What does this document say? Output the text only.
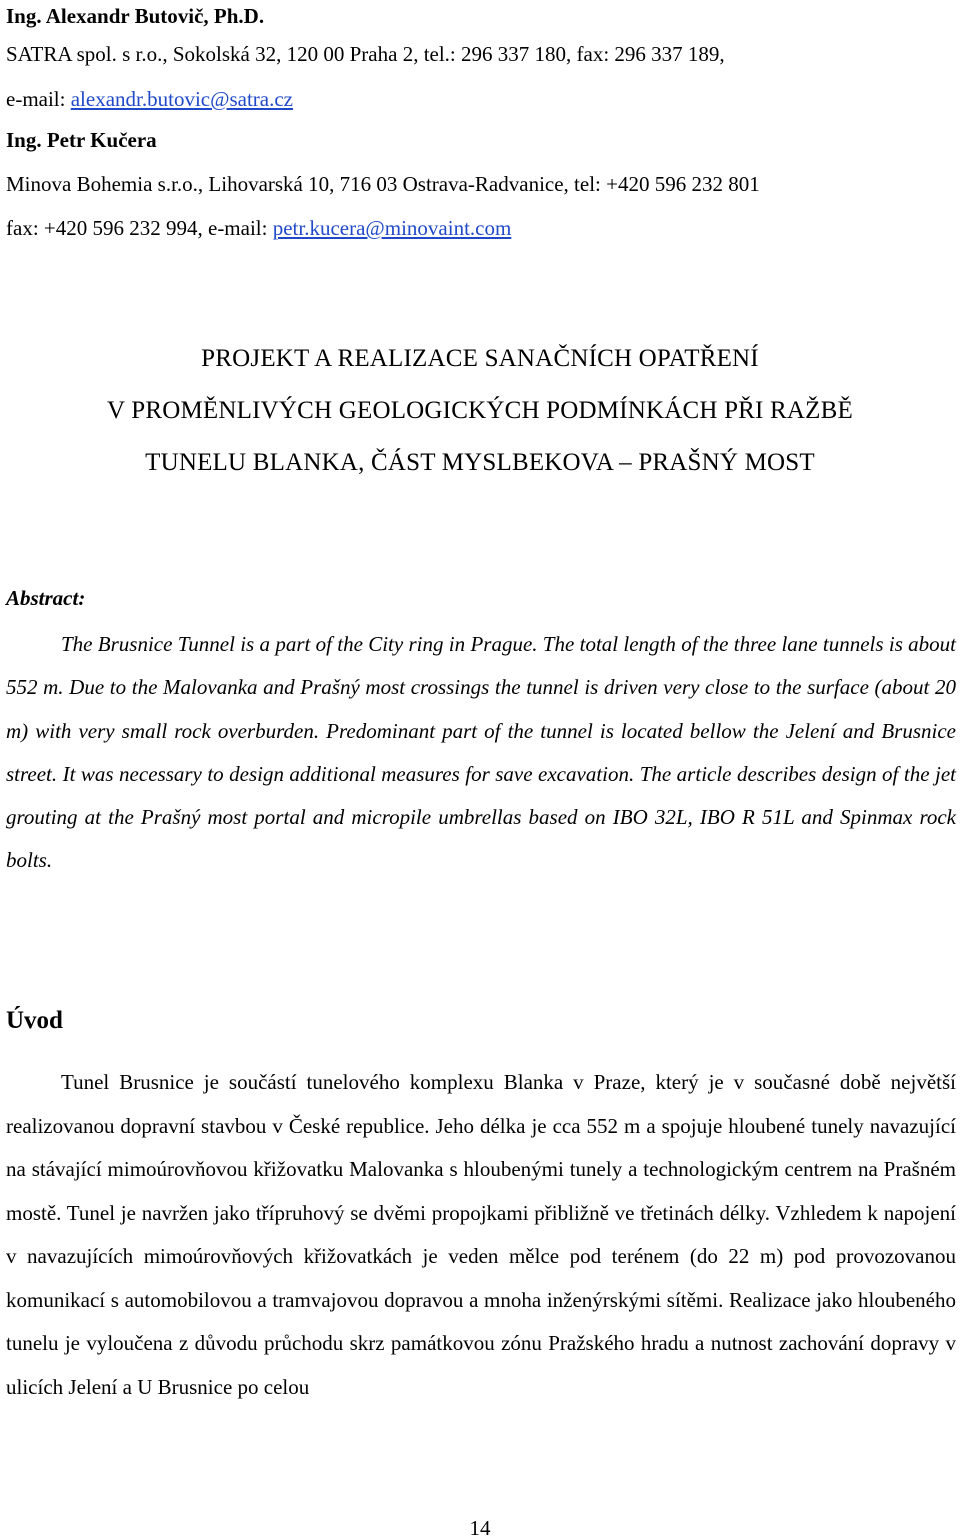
Ing. Alexandr Butovič, Ph.D.
SATRA spol. s r.o., Sokolská 32, 120 00 Praha 2, tel.: 296 337 180, fax: 296 337 189,
e-mail: alexandr.butovic@satra.cz
Ing. Petr Kučera
Minova Bohemia s.r.o., Lihovarská 10, 716 03 Ostrava-Radvanice, tel: +420 596 232 801
fax: +420 596 232 994, e-mail: petr.kucera@minovaint.com
PROJEKT A REALIZACE SANAČNÍCH OPATŘENÍ
V PROMĚNLIVÝCH GEOLOGICKÝCH PODMÍNKÁCH PŘI RAŽBĚ
TUNELU BLANKA, ČÁST MYSLBEKOVA – PRAŠNÝ MOST
Abstract:

The Brusnice Tunnel is a part of the City ring in Prague. The total length of the three lane tunnels is about 552 m. Due to the Malovanka and Prašný most crossings the tunnel is driven very close to the surface (about 20 m) with very small rock overburden. Predominant part of the tunnel is located bellow the Jelení and Brusnice street. It was necessary to design additional measures for save excavation. The article describes design of the jet grouting at the Prašný most portal and micropile umbrellas based on IBO 32L, IBO R 51L and Spinmax rock bolts.

Úvod

Tunel Brusnice je součástí tunelového komplexu Blanka v Praze, který je v současné době největší realizovanou dopravní stavbou v České republice. Jeho délka je cca 552 m a spojuje hloubené tunely navazující na stávající mimoúrovňovou křižovatku Malovanka s hloubenými tunely a technologickým centrem na Prašném mostě. Tunel je navržen jako třípruhový se dvěmi propojkami přibližně ve třetinách délky. Vzhledem k napojení v navazujících mimoúrovňových křižovatkách je veden mělce pod terénem (do 22 m) pod provozovanou komunikací s automobilovou a tramvajovou dopravou a mnoha inženýrskými sítěmi. Realizace jako hloubeného tunelu je vyloučena z důvodu průchodu skrz památkovou zónu Pražského hradu a nutnost zachování dopravy v ulicích Jelení a U Brusnice po celou

14
